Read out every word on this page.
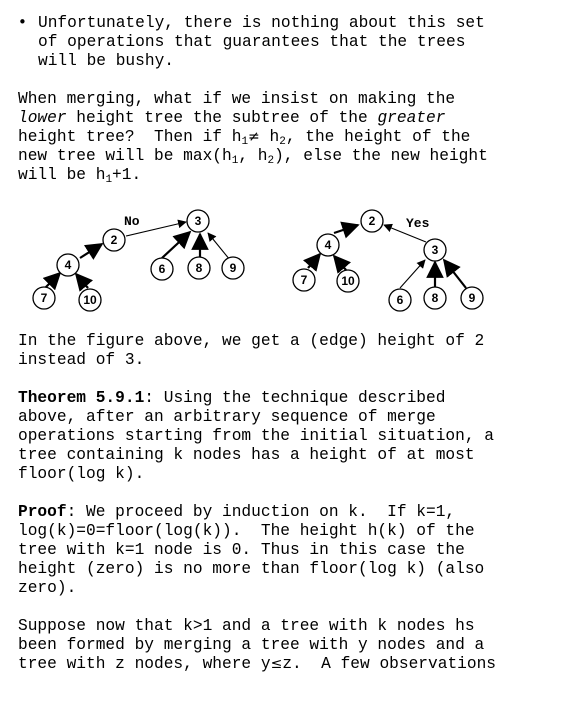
• Unfortunately, there is nothing about this set
of operations that guarantees that the trees
will be bushy.
When merging, what if we insist on making the
lower height tree the subtree of the greater
height tree?  Then if $h_1\ne h_2$, the height of the
new tree will be $\max(h_1$, $h_2$), else the new height
will be $h_1+1$.
No	3
2
4	6	8 9
7	10
Yes
2
4	3
7	10
6 8	9
In the figure above, we get a (edge) height of 2
instead of 3.
Theorem 5.9.1: Using the technique described
above, after an arbitrary sequence of merge
operations starting from the initial situation, a
tree containing k nodes has a height of at most
floor(log k).
Proof: We proceed by induction on k.  If k=1,
log(k)=0=floor(log(k)).  The height h(k) of the
tree with k=1 node is 0. Thus in this case the
height (zero) is no more than floor(log k) (also
zero).
Suppose now that k>1 and a tree with k nodes hs
been formed by merging a tree with y nodes and a
tree with z nodes, where y≤z.  A few observations
